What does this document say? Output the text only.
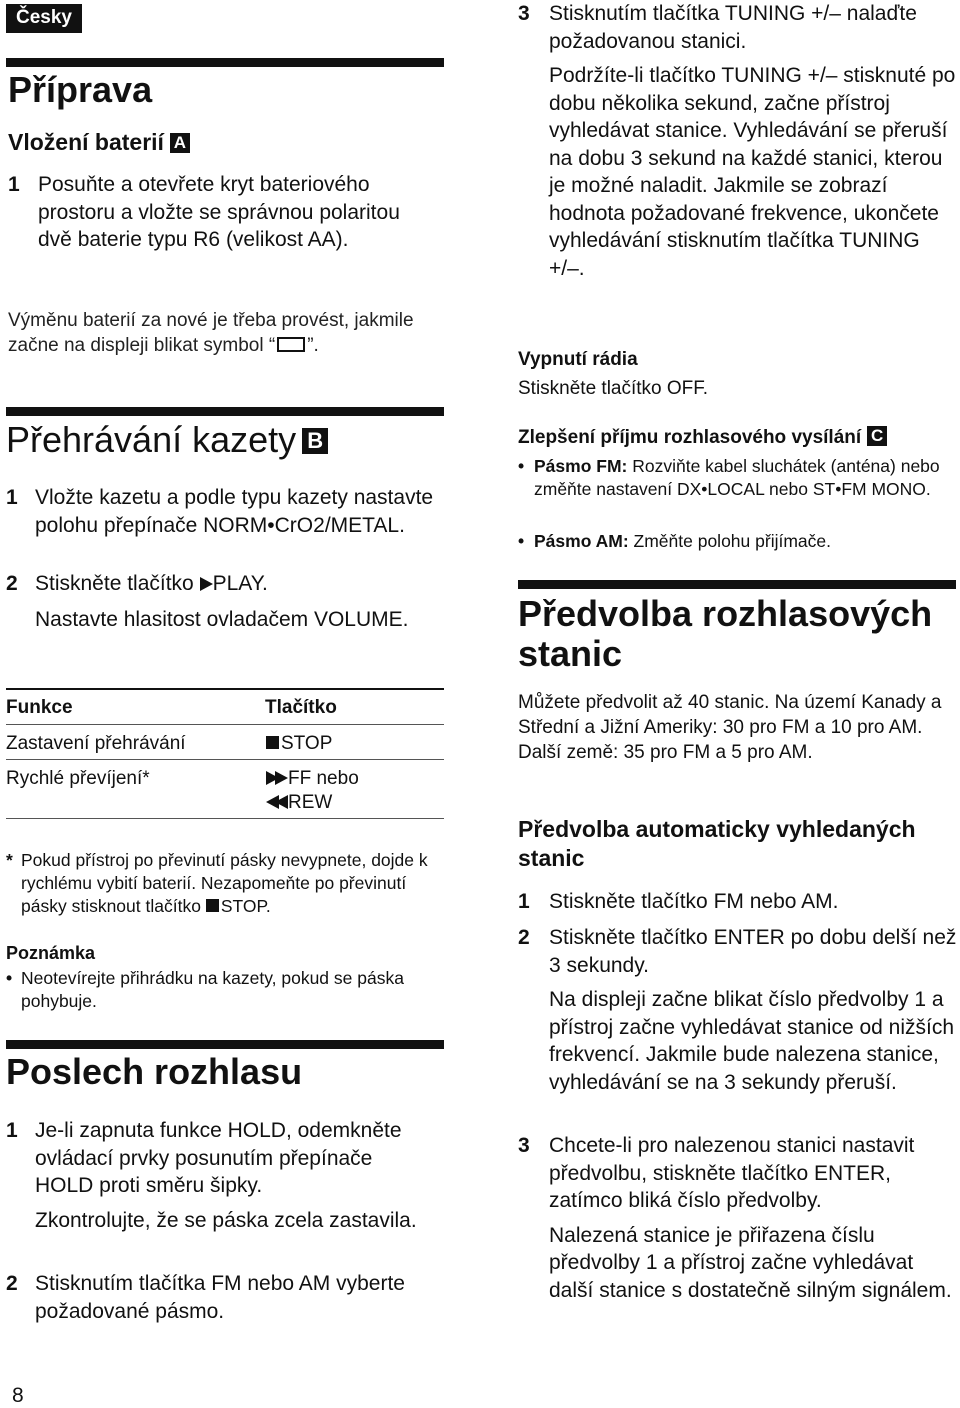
Česky
Příprava
Vložení baterií A
1 Posuňte a otevřete kryt bateriového prostoru a vložte se správnou polaritou dvě baterie typu R6 (velikost AA).
Výměnu baterií za nové je třeba provést, jakmile začne na displeji blikat symbol “ ”.
Přehrávání kazety B
1 Vložte kazetu a podle typu kazety nastavte polohu přepínače NORM•CrO2/METAL.
2 Stiskněte tlačítko PLAY.
Nastavte hlasitost ovladačem VOLUME.
Funkce	Tlačítko
Zastavení přehrávání	STOP
Rychlé převíjení*	FF nebo
REW
* Pokud přístroj po převinutí pásky nevypnete, dojde k rychlému vybití baterií. Nezapomeňte po převinutí pásky stisknout tlačítko STOP.
Poznámka
• Neotevírejte přihrádku na kazety, pokud se páska pohybuje.
Poslech rozhlasu
1 Je-li zapnuta funkce HOLD, odemkněte ovládací prvky posunutím přepínače HOLD proti směru šipky.
Zkontrolujte, že se páska zcela zastavila.
2 Stisknutím tlačítka FM nebo AM vyberte požadované pásmo.
8
3 Stisknutím tlačítka TUNING +/– nalaďte požadovanou stanici.
Podržíte-li tlačítko TUNING +/– stisknuté po dobu několika sekund, začne přístroj vyhledávat stanice. Vyhledávání se přeruší na dobu 3 sekund na každé stanici, kterou je možné naladit. Jakmile se zobrazí hodnota požadované frekvence, ukončete vyhledávání stisknutím tlačítka TUNING +/–.
Vypnutí rádia
Stiskněte tlačítko OFF.
Zlepšení příjmu rozhlasového vysílání C
• Pásmo FM: Rozviňte kabel sluchátek (anténa) nebo změňte nastavení DX•LOCAL nebo ST•FM MONO.
• Pásmo AM: Změňte polohu přijímače.
Předvolba rozhlasových stanic
Můžete předvolit až 40 stanic. Na území Kanady a Střední a Jižní Ameriky: 30 pro FM a 10 pro AM.
Další země: 35 pro FM a 5 pro AM.
Předvolba automaticky vyhledaných stanic
1 Stiskněte tlačítko FM nebo AM.
2 Stiskněte tlačítko ENTER po dobu delší než 3 sekundy.
Na displeji začne blikat číslo předvolby 1 a přístroj začne vyhledávat stanice od nižších frekvencí. Jakmile bude nalezena stanice, vyhledávání se na 3 sekundy přeruší.
3 Chcete-li pro nalezenou stanici nastavit předvolbu, stiskněte tlačítko ENTER, zatímco bliká číslo předvolby.
Nalezená stanice je přiřazena číslu předvolby 1 a přístroj začne vyhledávat další stanice s dostatečně silným signálem.
